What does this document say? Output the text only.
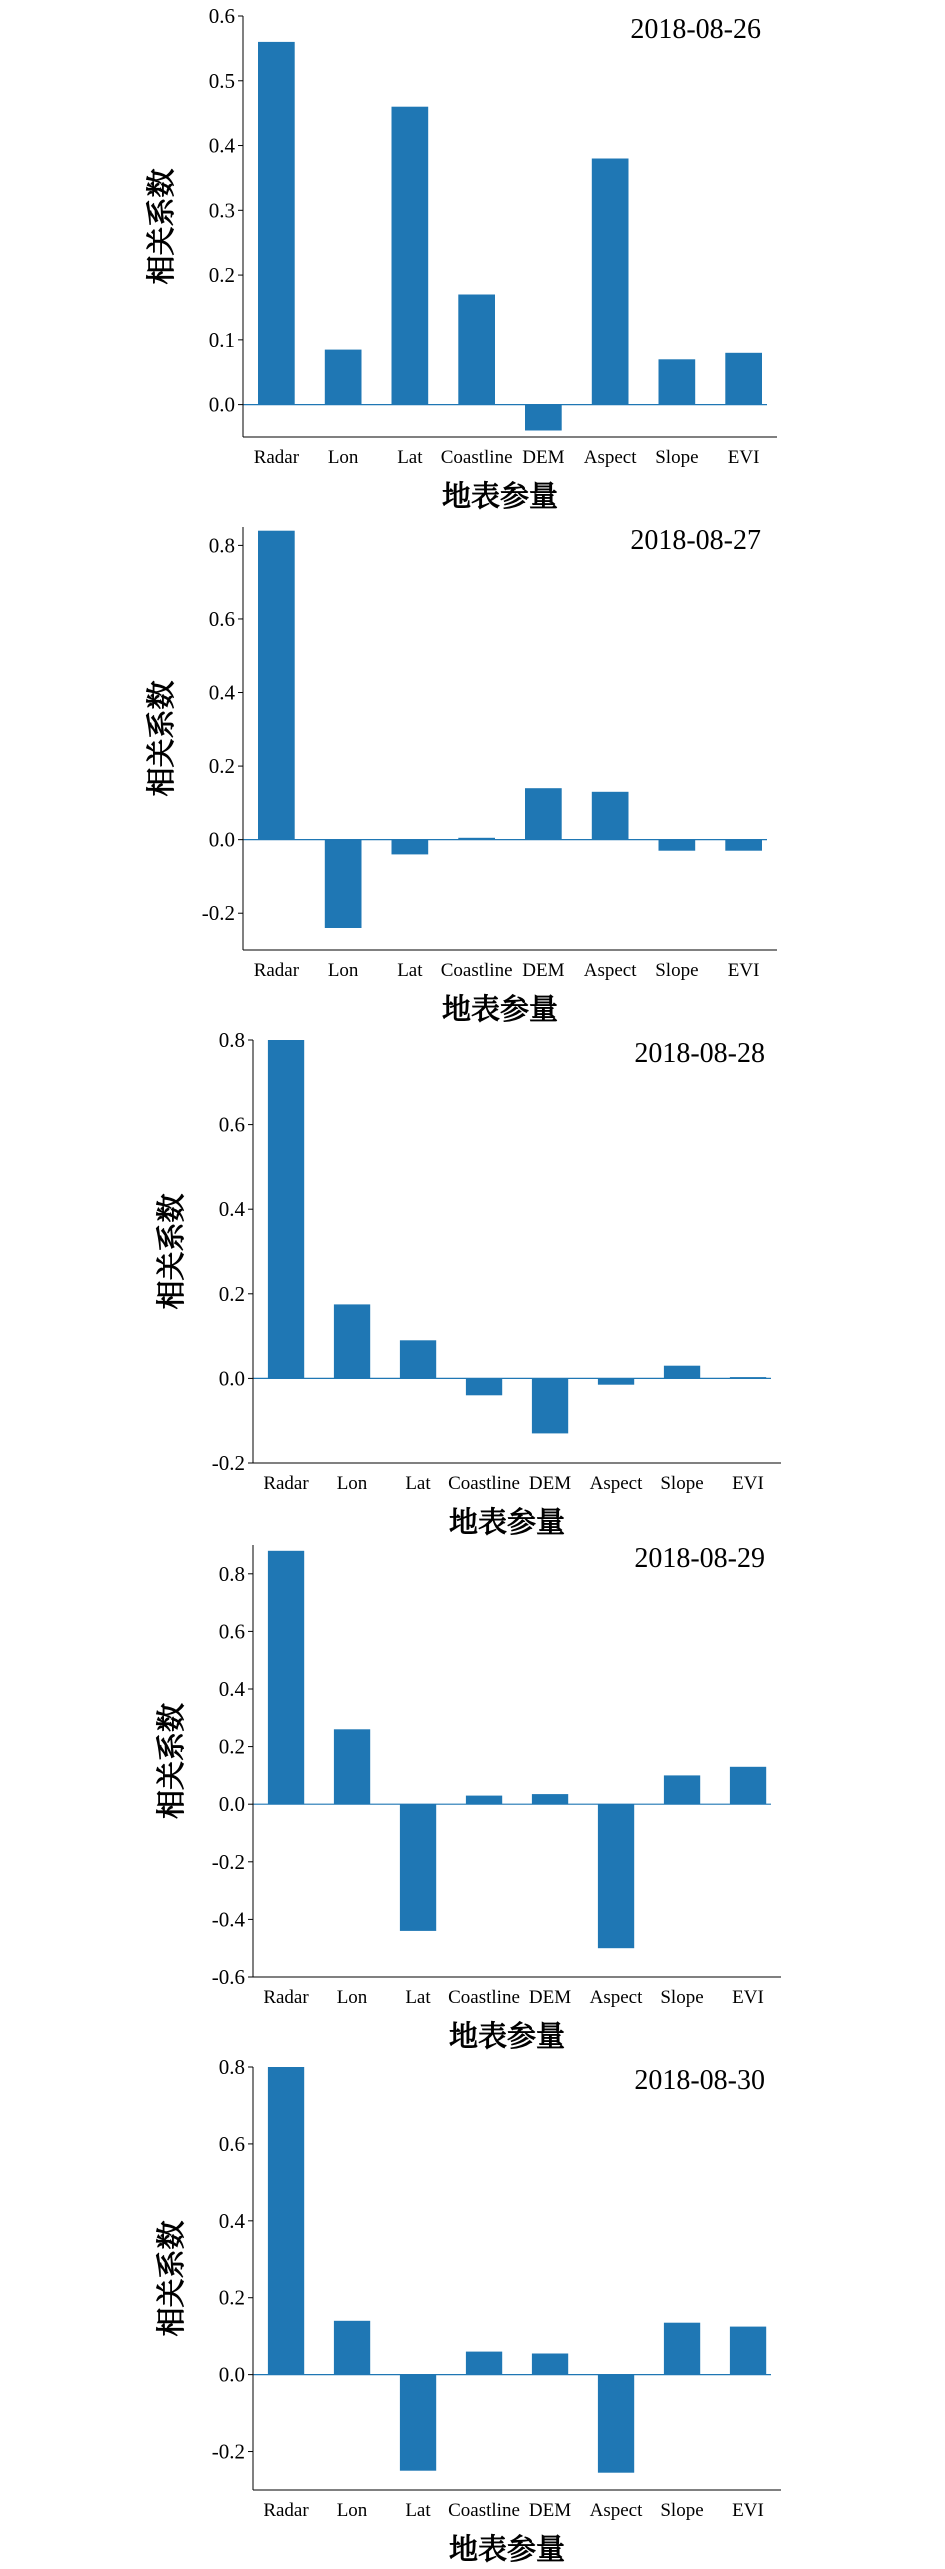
0.0
0.1
0.2
0.3
0.4
0.5
0.6
Radar Lon Lat Coastline DEM Aspect Slope EVI
2018-08-26
地表参量
相关系数
-0.2
0.0
0.2
0.4
0.6
0.8
Radar Lon Lat Coastline DEM Aspect Slope EVI
2018-08-27
地表参量
相关系数
-0.2
0.0
0.2
0.4
0.6
0.8
Radar Lon Lat Coastline DEM Aspect Slope EVI
2018-08-28
地表参量
相关系数
-0.6
-0.4
-0.2
0.0
0.2
0.4
0.6
0.8
Radar Lon Lat Coastline DEM Aspect Slope EVI
2018-08-29
地表参量
相关系数
-0.2
0.0
0.2
0.4
0.6
0.8
Radar Lon Lat Coastline DEM Aspect Slope EVI
2018-08-30
地表参量
相关系数
